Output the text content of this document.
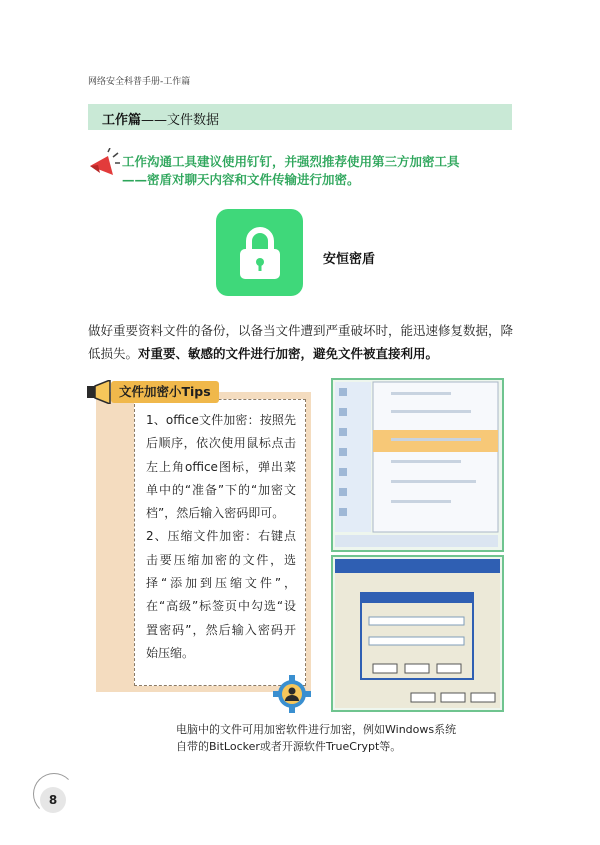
网络安全科普手册-工作篇
工作篇——文件数据
工作沟通工具建议使用钉钉，并强烈推荐使用第三方加密工具
——密盾对聊天内容和文件传输进行加密。
安恒密盾
做好重要资料文件的备份，以备当文件遭到严重破坏时，能迅速修复数据，降低损失。对重要、敏感的文件进行加密，避免文件被直接利用。
文件加密小Tips

1、office文件加密：按照先后顺序，依次使用鼠标点击左上角office图标，弹出菜单中的“准备”下的“加密文档”，然后输入密码即可。

2、压缩文件加密：右键点击要压缩加密的文件，选择“添加到压缩文件”，在“高级”标签页中勾选“设置密码”，然后输入密码开始压缩。

电脑中的文件可用加密软件进行加密，例如Windows系统自带的BitLocker或者开源软件TrueCrypt等。
8
